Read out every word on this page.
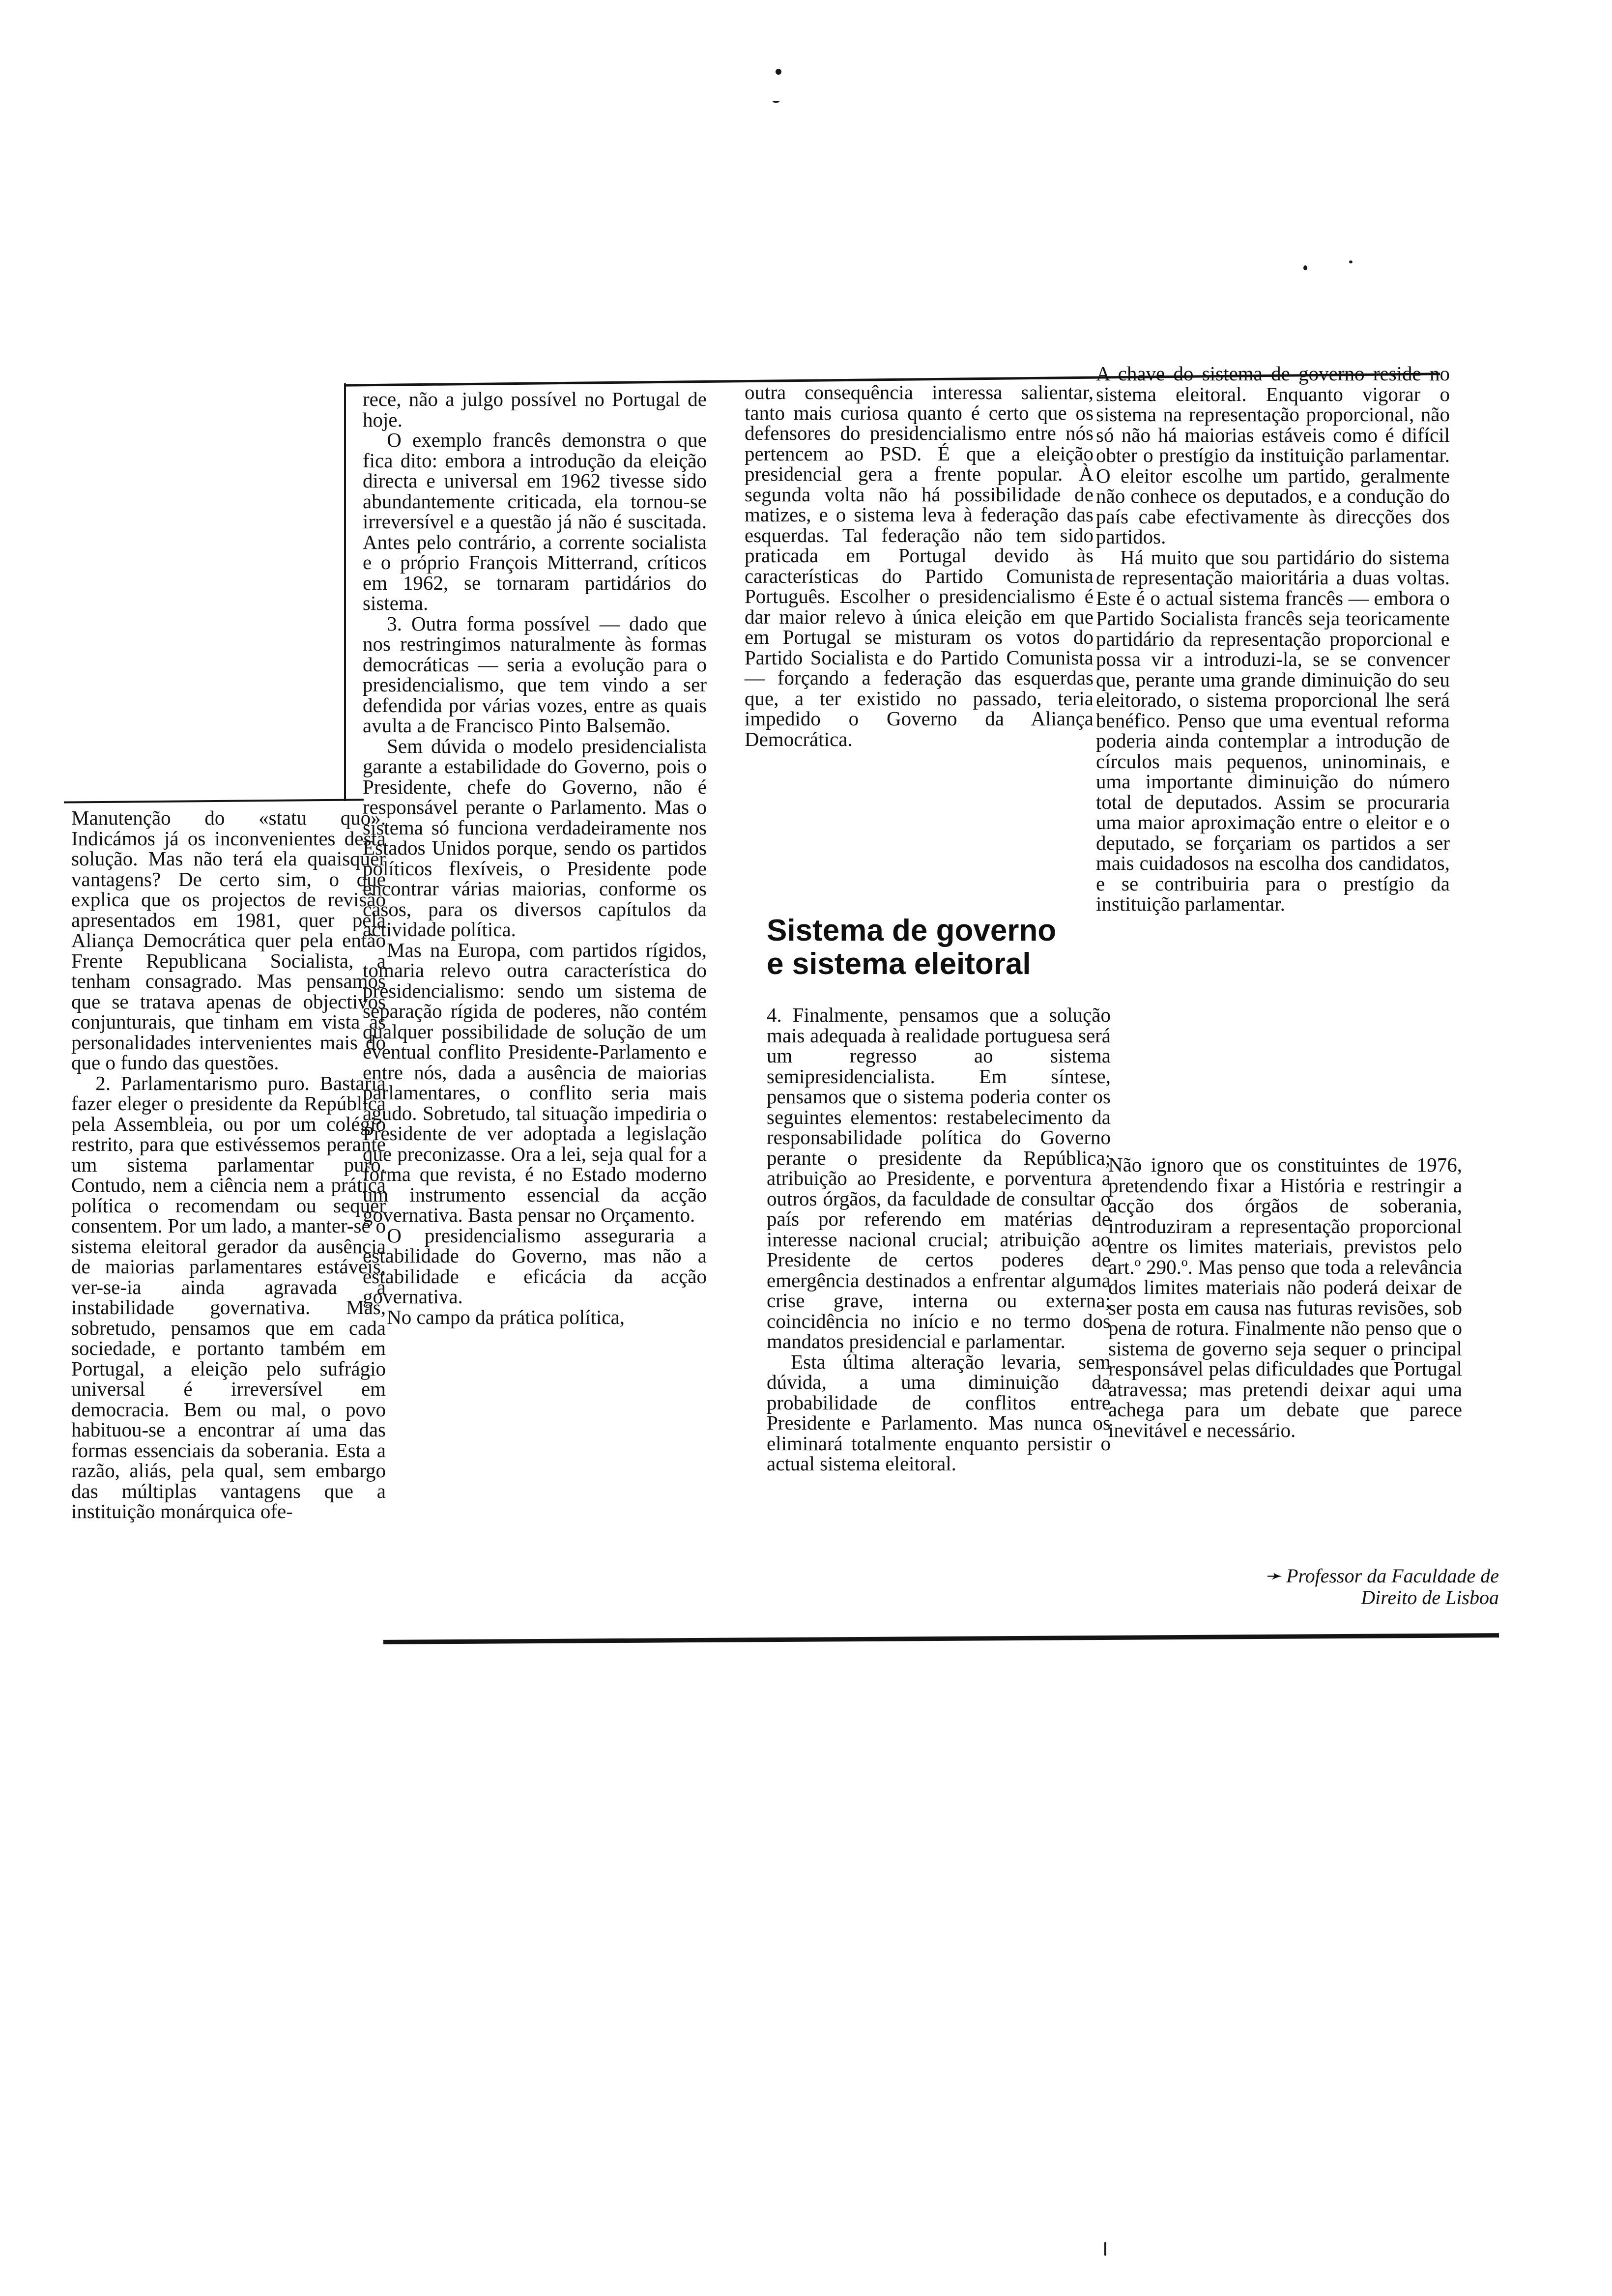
Manutenção do «statu quo». Indicámos já os inconvenientes desta solução. Mas não terá ela quaisquer vantagens? De certo sim, o que explica que os projectos de revisão apresentados em 1981, quer pela Aliança Democrática quer pela então Frente Republicana Socialista, a tenham consagrado. Mas pensamos que se tratava apenas de objectivos conjunturais, que tinham em vista as personalidades intervenientes mais do que o fundo das questões.

2. Parlamentarismo puro. Bastaria fazer eleger o presidente da República pela Assembleia, ou por um colégio restrito, para que estivéssemos perante um sistema parlamentar puro. Contudo, nem a ciência nem a prática política o recomendam ou sequer consentem. Por um lado, a manter-se o sistema eleitoral gerador da ausência de maiorias parlamentares estáveis, ver-se-ia ainda agravada a instabilidade governativa. Mas, sobretudo, pensamos que em cada sociedade, e portanto também em Portugal, a eleição pelo sufrágio universal é irreversível em democracia. Bem ou mal, o povo habituou-se a encontrar aí uma das formas essenciais da soberania. Esta a razão, aliás, pela qual, sem embargo das múltiplas vantagens que a instituição monárquica ofe-

rece, não a julgo possível no Portugal de hoje.

O exemplo francês demonstra o que fica dito: embora a introdução da eleição directa e universal em 1962 tivesse sido abundantemente criticada, ela tornou-se irreversível e a questão já não é suscitada. Antes pelo contrário, a corrente socialista e o próprio François Mitterrand, críticos em 1962, se tornaram partidários do sistema.

3. Outra forma possível — dado que nos restringimos naturalmente às formas democráticas — seria a evolução para o presidencialismo, que tem vindo a ser defendida por várias vozes, entre as quais avulta a de Francisco Pinto Balsemão.

Sem dúvida o modelo presidencialista garante a estabilidade do Governo, pois o Presidente, chefe do Governo, não é responsável perante o Parlamento. Mas o sistema só funciona verdadeiramente nos Estados Unidos porque, sendo os partidos políticos flexíveis, o Presidente pode encontrar várias maiorias, conforme os casos, para os diversos capítulos da actividade política.

Mas na Europa, com partidos rígidos, tomaria relevo outra característica do presidencialismo: sendo um sistema de separação rígida de poderes, não contém qualquer possibilidade de solução de um eventual conflito Presidente-Parlamento e entre nós, dada a ausência de maiorias parlamentares, o conflito seria mais agudo. Sobretudo, tal situação impediria o Presidente de ver adoptada a legislação que preconizasse. Ora a lei, seja qual for a forma que revista, é no Estado moderno um instrumento essencial da acção governativa. Basta pensar no Orçamento.

O presidencialismo asseguraria a estabilidade do Governo, mas não a estabilidade e eficácia da acção governativa.

No campo da prática política,

outra consequência interessa salientar, tanto mais curiosa quanto é certo que os defensores do presidencialismo entre nós pertencem ao PSD. É que a eleição presidencial gera a frente popular. À segunda volta não há possibilidade de matizes, e o sistema leva à federação das esquerdas. Tal federação não tem sido praticada em Portugal devido às características do Partido Comunista Português. Escolher o presidencialismo é dar maior relevo à única eleição em que em Portugal se misturam os votos do Partido Socialista e do Partido Comunista — forçando a federação das esquerdas que, a ter existido no passado, teria impedido o Governo da Aliança Democrática.

Sistema de governo e sistema eleitoral

4. Finalmente, pensamos que a solução mais adequada à realidade portuguesa será um regresso ao sistema semipresidencialista. Em síntese, pensamos que o sistema poderia conter os seguintes elementos: restabelecimento da responsabilidade política do Governo perante o presidente da República; atribuição ao Presidente, e porventura a outros órgãos, da faculdade de consultar o país por referendo em matérias de interesse nacional crucial; atribuição ao Presidente de certos poderes de emergência destinados a enfrentar alguma crise grave, interna ou externa; coincidência no início e no termo dos mandatos presidencial e parlamentar.

Esta última alteração levaria, sem dúvida, a uma diminuição da probabilidade de conflitos entre Presidente e Parlamento. Mas nunca os eliminará totalmente enquanto persistir o actual sistema eleitoral.

A chave do sistema de governo reside no sistema eleitoral. Enquanto vigorar o sistema na representação proporcional, não só não há maiorias estáveis como é difícil obter o prestígio da instituição parlamentar. O eleitor escolhe um partido, geralmente não conhece os deputados, e a condução do país cabe efectivamente às direcções dos partidos.

Há muito que sou partidário do sistema de representação maioritária a duas voltas. Este é o actual sistema francês — embora o Partido Socialista francês seja teoricamente partidário da representação proporcional e possa vir a introduzi-la, se se convencer que, perante uma grande diminuição do seu eleitorado, o sistema proporcional lhe será benéfico. Penso que uma eventual reforma poderia ainda contemplar a introdução de círculos mais pequenos, uninominais, e uma importante diminuição do número total de deputados. Assim se procuraria uma maior aproximação entre o eleitor e o deputado, se forçariam os partidos a ser mais cuidadosos na escolha dos candidatos, e se contribuiria para o prestígio da instituição parlamentar.

Não ignoro que os constituintes de 1976, pretendendo fixar a História e restringir a acção dos órgãos de soberania, introduziram a representação proporcional entre os limites materiais, previstos pelo art.º 290.º. Mas penso que toda a relevância dos limites materiais não poderá deixar de ser posta em causa nas futuras revisões, sob pena de rotura. Finalmente não penso que o sistema de governo seja sequer o principal responsável pelas dificuldades que Portugal atravessa; mas pretendi deixar aqui uma achega para um debate que parece inevitável e necessário.

➛ Professor da Faculdade de Direito de Lisboa
